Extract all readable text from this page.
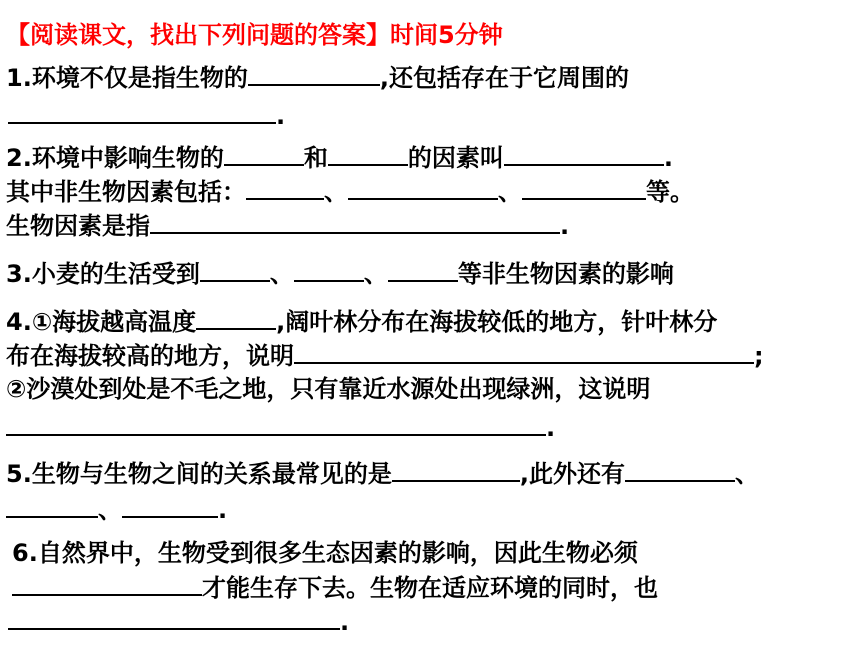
【阅读课文，找出下列问题的答案】时间5分钟
1.环境不仅是指生物的	,还包括存在于它周围的
.
2.环境中影响生物的	和	的因素叫	.
其中非生物因素包括：	、	、	等。
生物因素是指	.
3.小麦的生活受到	、	、	等非生物因素的影响
4.①海拔越高温度	,阔叶林分布在海拔较低的地方，针叶林分
布在海拔较高的地方，说明	;
②沙漠处到处是不毛之地，只有靠近水源处出现绿洲，这说明
.
5.生物与生物之间的关系最常见的是	,此外还有	、
、	.
6.自然界中，生物受到很多生态因素的影响，因此生物必须
才能生存下去。生物在适应环境的同时，也
.
